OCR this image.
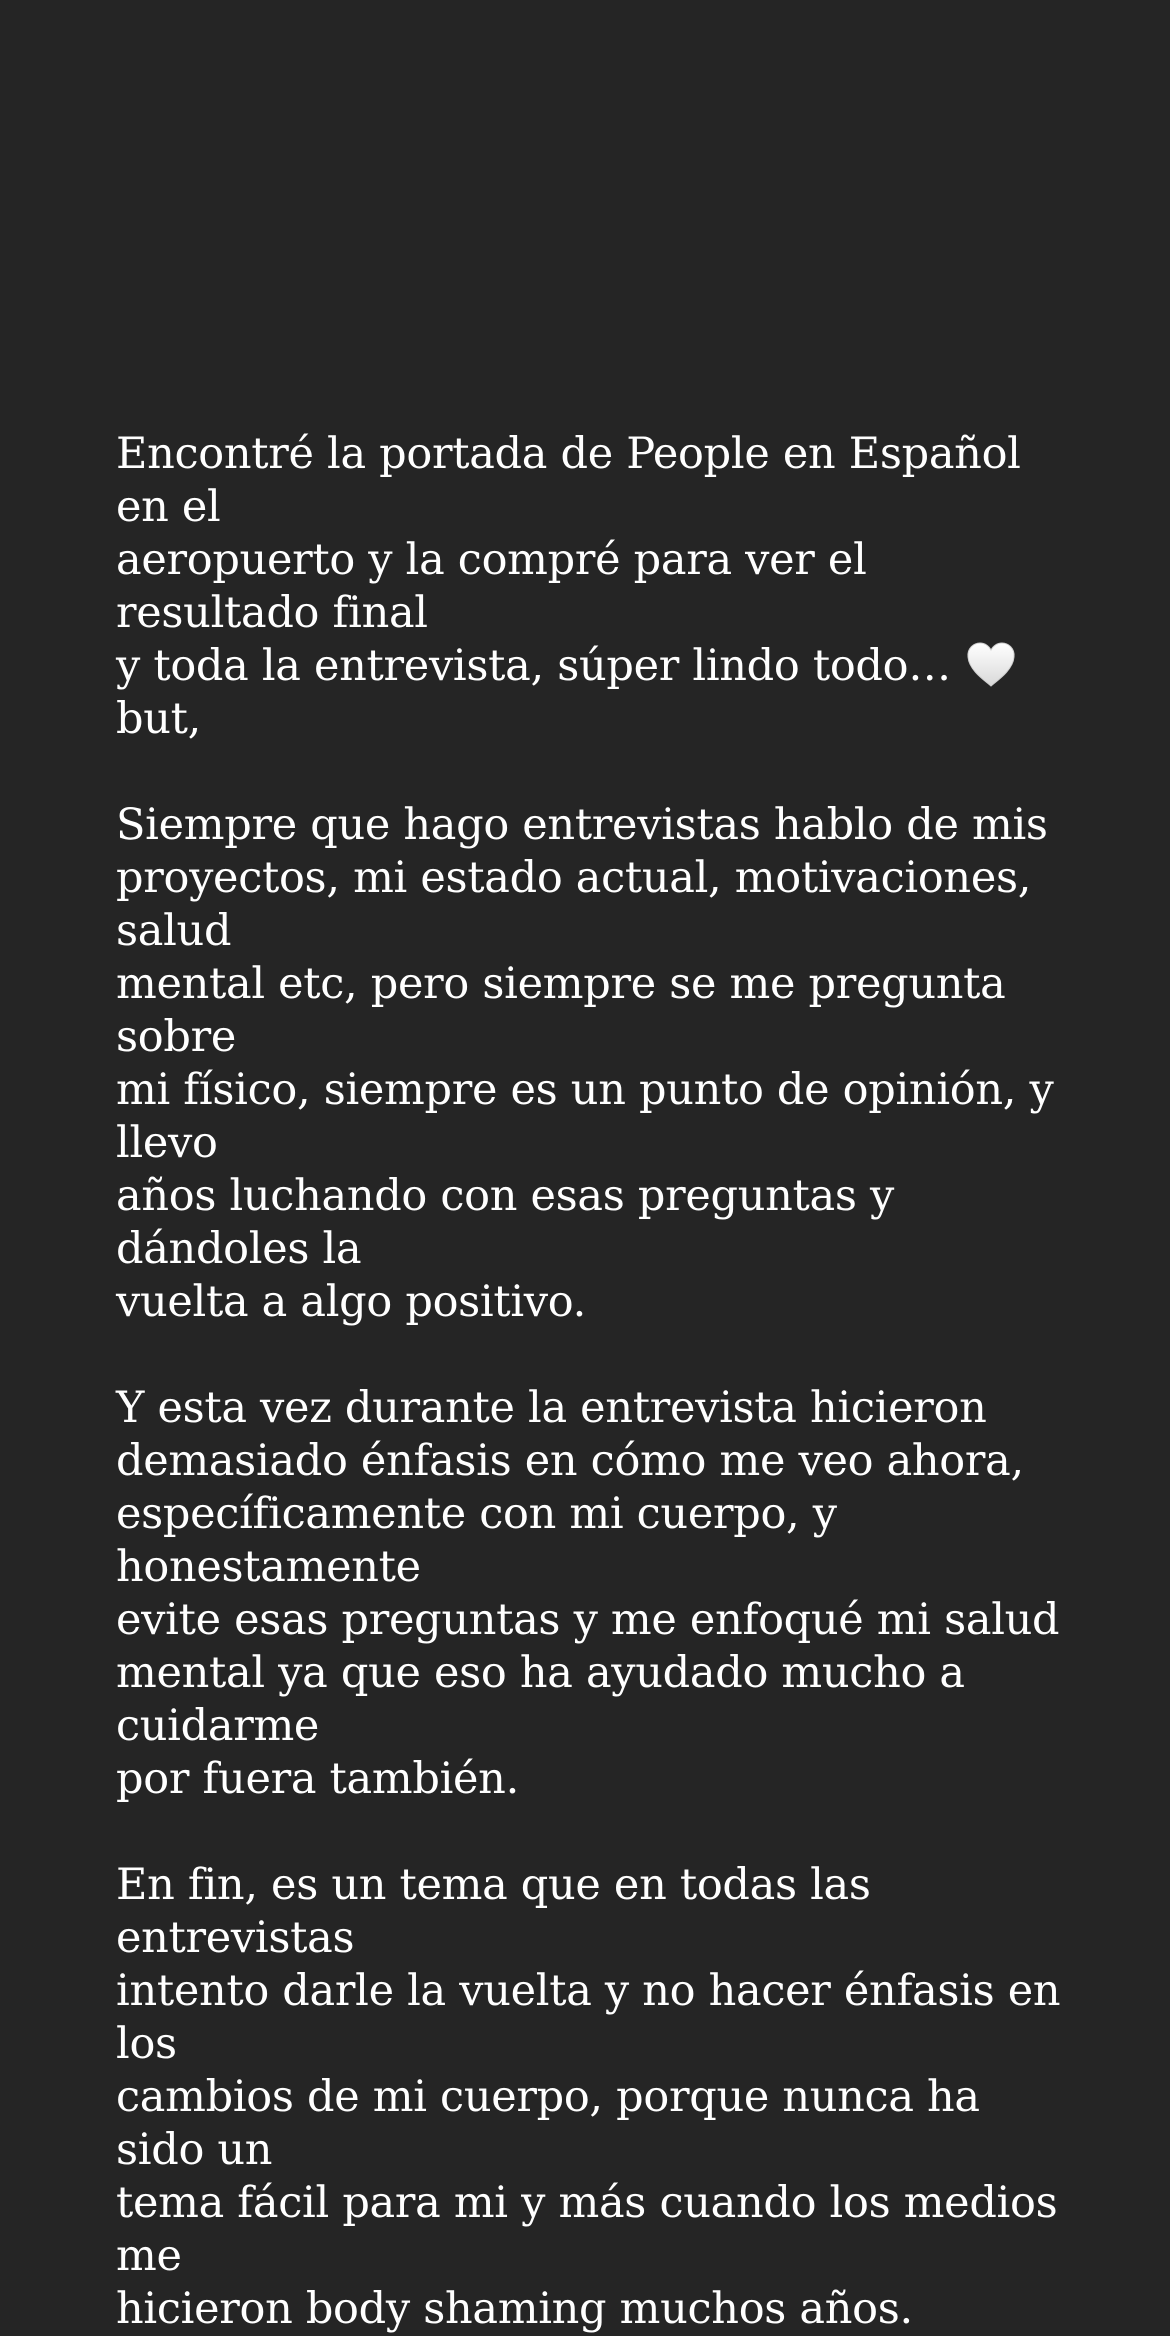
Encontré la portada de People en Español en el
aeropuerto y la compré para ver el resultado final
y toda la entrevista, súper lindo todo…  but,

Siempre que hago entrevistas hablo de mis
proyectos, mi estado actual, motivaciones, salud
mental etc, pero siempre se me pregunta sobre
mi físico, siempre es un punto de opinión, y llevo
años luchando con esas preguntas y dándoles la
vuelta a algo positivo.

Y esta vez durante la entrevista hicieron
demasiado énfasis en cómo me veo ahora,
específicamente con mi cuerpo, y honestamente
evite esas preguntas y me enfoqué mi salud
mental ya que eso ha ayudado mucho a cuidarme
por fuera también.

En fin, es un tema que en todas las entrevistas
intento darle la vuelta y no hacer énfasis en los
cambios de mi cuerpo, porque nunca ha sido un
tema fácil para mi y más cuando los medios me
hicieron body shaming muchos años.
